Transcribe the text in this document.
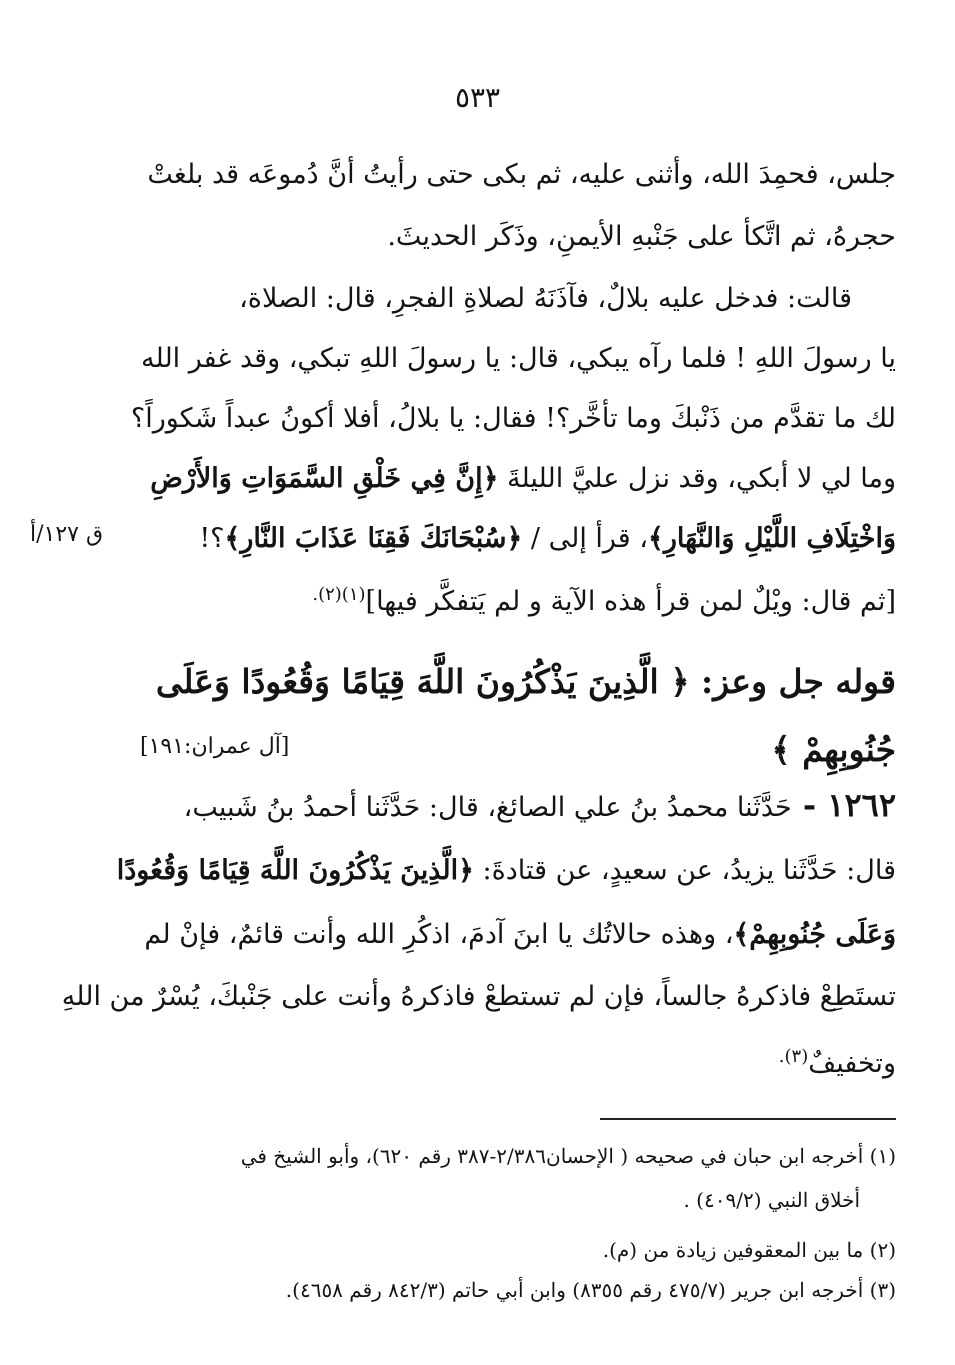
٥٣٣
جلس، فحمِدَ الله، وأثنى عليه، ثم بكى حتى رأيتُ أنَّ دُموعَه قد بلغتْ
حجرهُ، ثم اتَّكأ على جَنْبهِ الأيمنِ، وذَكَر الحديثَ.
قالت: فدخل عليه بلالٌ، فآذَنَهُ لصلاةِ الفجرِ، قال: الصلاة،
يا رسولَ اللهِ ! فلما رآه يبكي، قال: يا رسولَ اللهِ تبكي، وقد غفر الله
لك ما تقدَّم من ذَنْبكَ وما تأخَّر؟! فقال: يا بلالُ، أفلا أكونُ عبداً شَكوراً؟
وما لي لا أبكي، وقد نزل عليَّ الليلةَ ﴿إِنَّ فِي خَلْقِ السَّمَوَاتِ وَالأَرْضِ
وَاخْتِلَافِ اللَّيْلِ وَالنَّهَارِ﴾، قرأ إلى / ﴿سُبْحَانَكَ فَقِنَا عَذَابَ النَّارِ﴾؟!
[ثم قال: ويْلٌ لمن قرأ هذه الآية و لم يَتفكَّر فيها]$^{(١)(٢).}$
ق ١٢٧/أ
قوله جل وعز: ﴿ الَّذِينَ يَذْكُرُونَ اللَّهَ قِيَامًا وَقُعُودًا وَعَلَى
جُنُوبِهِمْ ﴾
[آل عمران:١٩١]
١٢٦٢ - حَدَّثَنا محمدُ بنُ علي الصائغ، قال: حَدَّثَنا أحمدُ بنُ شَبيب،
قال: حَدَّثَنا يزيدُ، عن سعيدٍ، عن قتادةَ: ﴿الَّذِينَ يَذْكُرُونَ اللَّهَ قِيَامًا وَقُعُودًا
وَعَلَى جُنُوبِهِمْ﴾، وهذه حالاتُك يا ابنَ آدمَ، اذكُرِ الله وأنت قائمٌ، فإنْ لم
تستَطِعْ فاذكرهُ جالساً، فإن لم تستطعْ فاذكرهُ وأنت على جَنْبكَ، يُسْرٌ من اللهِ
وتخفيفٌ$^{(٣).}$
(١) أخرجه ابن حبان في صحيحه ( الإحسان٢/٣٨٦-٣٨٧ رقم ٦٢٠)، وأبو الشيخ في
أخلاق النبي (٤٠٩/٢) .
(٢) ما بين المعقوفين زيادة من (م).
(٣) أخرجه ابن جرير (٤٧٥/٧ رقم ٨٣٥٥) وابن أبي حاتم (٨٤٢/٣ رقم ٤٦٥٨).
